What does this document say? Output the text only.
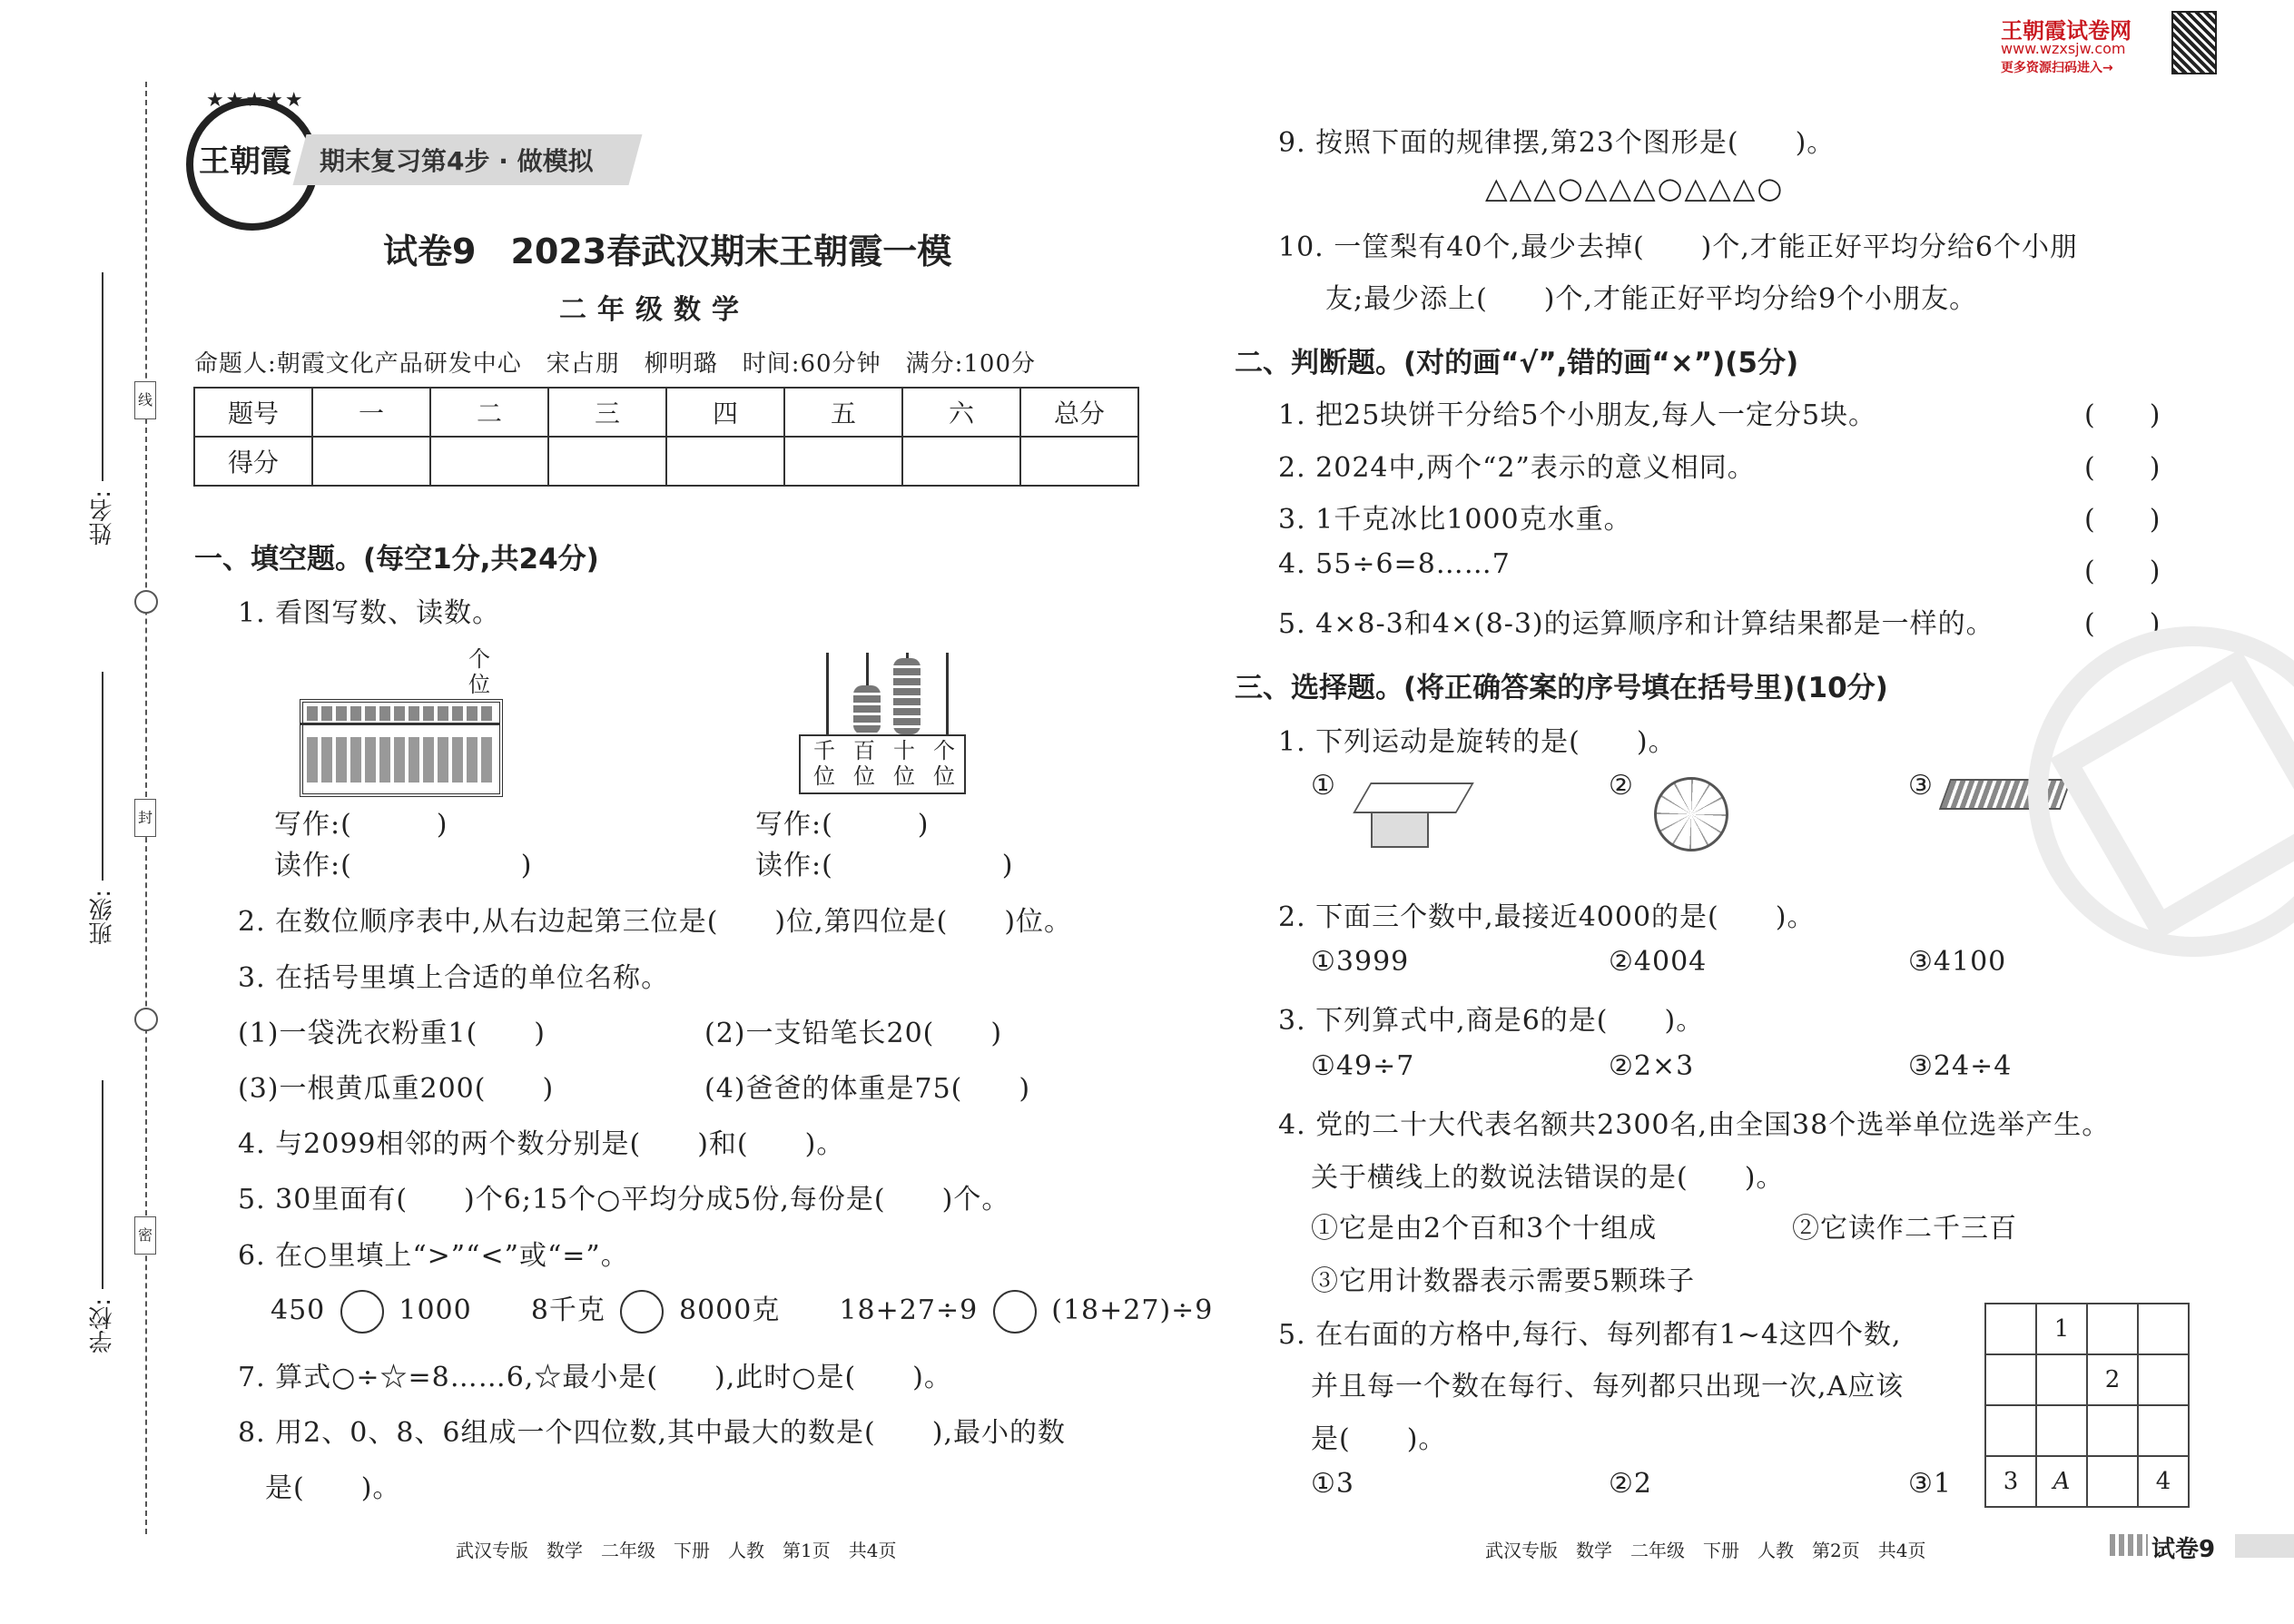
线
封
密
姓名:
班级:
学校:
★★★★★
王朝霞 期末复习第4步 · 做模拟
试卷9　2023春武汉期末王朝霞一模
二年级数学
命题人:朝霞文化产品研发中心　宋占朋　柳明璐　时间:60分钟　满分:100分
题号	一	二	三	四	五	六	总分
得分							
一、填空题。(每空1分,共24分)
1. 看图写数、读数。
个位
写作:(　　　)
读作:(　　　　　　)
千位
百位
十位
个位
写作:(　　　)
读作:(　　　　　　)
2. 在数位顺序表中,从右边起第三位是(　　)位,第四位是(　　)位。
3. 在括号里填上合适的单位名称。
(1)一袋洗衣粉重1(　　)	(2)一支铅笔长20(　　)
(3)一根黄瓜重200(　　)	(4)爸爸的体重是75(　　)
4. 与2099相邻的两个数分别是(　　)和(　　)。
5. 30里面有(　　)个6;15个○平均分成5份,每份是(　　)个。
6. 在○里填上“>”“<”或“=”。
450	1000 8千克	8000克 18+27÷9	(18+27)÷9
7. 算式○÷☆=8……6,☆最小是(　　),此时○是(　　)。
8. 用2、0、8、6组成一个四位数,其中最大的数是(　　),最小的数
是(　　)。
武汉专版　数学　二年级　下册　人教　第1页　共4页
王朝霞试卷网
www.wzxsjw.com
更多资源扫码进入→
9. 按照下面的规律摆,第23个图形是(　　)。
△△△○△△△○△△△○
10. 一筐梨有40个,最少去掉(　　)个,才能正好平均分给6个小朋
友;最少添上(　　)个,才能正好平均分给9个小朋友。
二、判断题。(对的画“√”,错的画“×”)(5分)
1. 把25块饼干分给5个小朋友,每人一定分5块。	(　　)
2. 2024中,两个“2”表示的意义相同。	(　　)
3. 1千克冰比1000克水重。	(　　)
4. 55÷6=8……7	(　　)
5. 4×8-3和4×(8-3)的运算顺序和计算结果都是一样的。	(　　)
三、选择题。(将正确答案的序号填在括号里)(10分)
1. 下列运动是旋转的是(　　)。
①	②	③
2. 下面三个数中,最接近4000的是(　　)。
①3999	②4004	③4100
3. 下列算式中,商是6的是(　　)。
①49÷7	②2×3	③24÷4
4. 党的二十大代表名额共2300名,由全国38个选举单位选举产生。
关于横线上的数说法错误的是(　　)。
①它是由2个百和3个十组成	②它读作二千三百
③它用计数器表示需要5颗珠子
5. 在右面的方格中,每行、每列都有1~4这四个数,
并且每一个数在每行、每列都只出现一次,A应该
是(　　)。
①3	②2	③1
	1		
		2	

3	A		4
武汉专版　数学　二年级　下册　人教　第2页　共4页	试卷9
